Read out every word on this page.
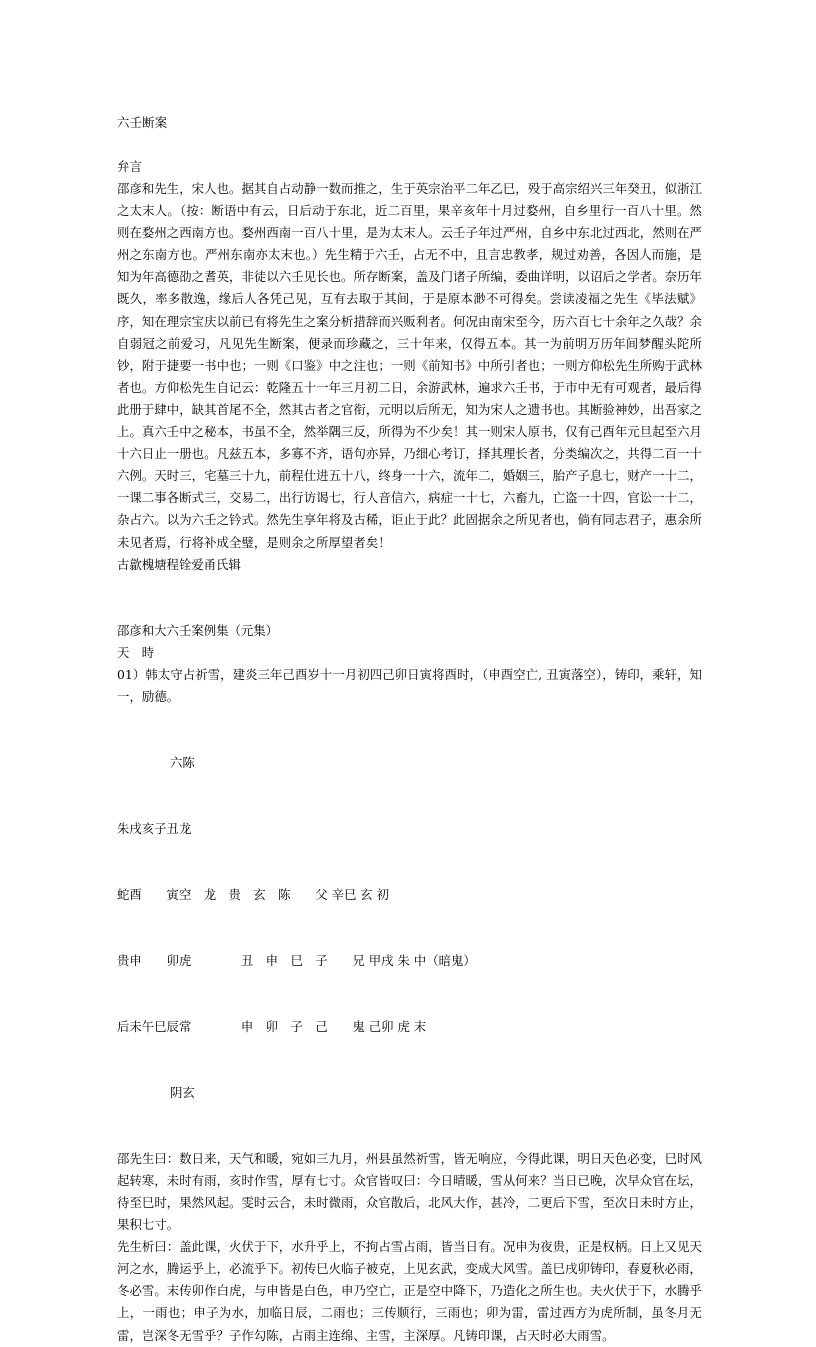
六壬断案

弁言

邵彦和先生，宋人也。据其自占动静一数而推之，生于英宗治平二年乙巳，殁于高宗绍兴三年癸丑，似浙江之太末人。（按：断语中有云，日后动于东北，近二百里，果辛亥年十月过婺州，自乡里行一百八十里。然则在婺州之西南方也。婺州西南一百八十里，是为太末人。云壬子年过严州，自乡中东北过西北，然则在严州之东南方也。严州东南亦太末也。）先生精于六壬，占无不中，且言忠教孝，规过劝善，各因人而施，是知为年高德劭之耆英，非徒以六壬见长也。所存断案，盖及门诸子所编，委曲详明，以诏后之学者。奈历年既久，率多散逸，缘后人各凭己见，互有去取于其间，于是原本渺不可得矣。尝读凌福之先生《毕法赋》序，知在理宗宝庆以前已有将先生之案分析措辞而兴贩利者。何况由南宋至今，历六百七十余年之久哉？余自弱冠之前爱习，凡见先生断案，便录而珍藏之，三十年来，仅得五本。其一为前明万历年间梦醒头陀所钞，附于捷要一书中也；一则《口鉴》中之注也；一则《前知书》中所引者也；一则方仰松先生所购于武林者也。方仰松先生自记云：乾隆五十一年三月初二日，余游武林，遍求六壬书，于市中无有可观者，最后得此册于肆中，缺其首尾不全，然其古者之官衔，元明以后所无，知为宋人之遗书也。其断验神妙，出吾家之上。真六壬中之秘本，书虽不全，然举隅三反，所得为不少矣！其一则宋人原书，仅有己酉年元旦起至六月十六日止一册也。凡兹五本，多寡不齐，语句亦异，乃细心考订，择其理长者，分类编次之，共得二百一十六例。天时三，宅墓三十九，前程仕进五十八，终身一十六，流年二，婚姻三，胎产子息七，财产一十二，一课二事各断式三，交易二，出行访谒七，行人音信六，病症一十七，六畜九，亡盗一十四，官讼一十二，杂占六。以为六壬之钤式。然先生享年将及古稀，讵止于此？此固据余之所见者也，倘有同志君子，惠余所未见者焉，行将补成全璧，是则余之所厚望者矣！

古歙槐塘程铨爱甬氏辑

邵彦和大六壬案例集（元集）

天　時

01）韩太守占祈雪，建炎三年己酉岁十一月初四己卯日寅将酉时，（申酉空亡, 丑寅落空），铸印，乘轩，知一，励德。

六陈

朱戌亥子丑龙

蛇酉　　寅空　龙　贵　玄　陈　　父 辛巳 玄 初

贵申　　卯虎　　　　丑　申　巳　子　　兄 甲戌 朱 中（暗鬼）

后未午巳辰常　　　　申　卯　子　己　　鬼 己卯 虎 末

阴玄

邵先生曰：数日来，天气和暖，宛如三九月，州县虽然祈雪，皆无响应，今得此课，明日天色必变，巳时风起转寒，未时有雨，亥时作雪，厚有七寸。众官皆叹曰：今日晴暖，雪从何来？当日已晚，次早众官在坛，待至巳时，果然风起。雯时云合，未时微雨，众官散后，北风大作，甚冷，二更后下雪，至次日未时方止，果积七寸。

先生析曰：盖此课，火伏于下，水升乎上，不拘占雪占雨，皆当日有。况申为夜贵，正是权柄。日上又见天河之水，腾运乎上，必流乎下。初传巳火临子被克，上见玄武，变成大风雪。盖巳戌卯铸印，春夏秋必雨，冬必雪。末传卯作白虎，与申皆是白色，申乃空亡，正是空中降下，乃造化之所生也。夫火伏于下，水腾乎上，一雨也；申子为水，加临日辰，二雨也；三传顺行，三雨也；卯为雷，雷过西方为虎所制，虽冬月无雷，岂深冬无雪乎？子作勾陈，占雨主连绵、主雪，主深厚。凡铸印课，占天时必大雨雪。
